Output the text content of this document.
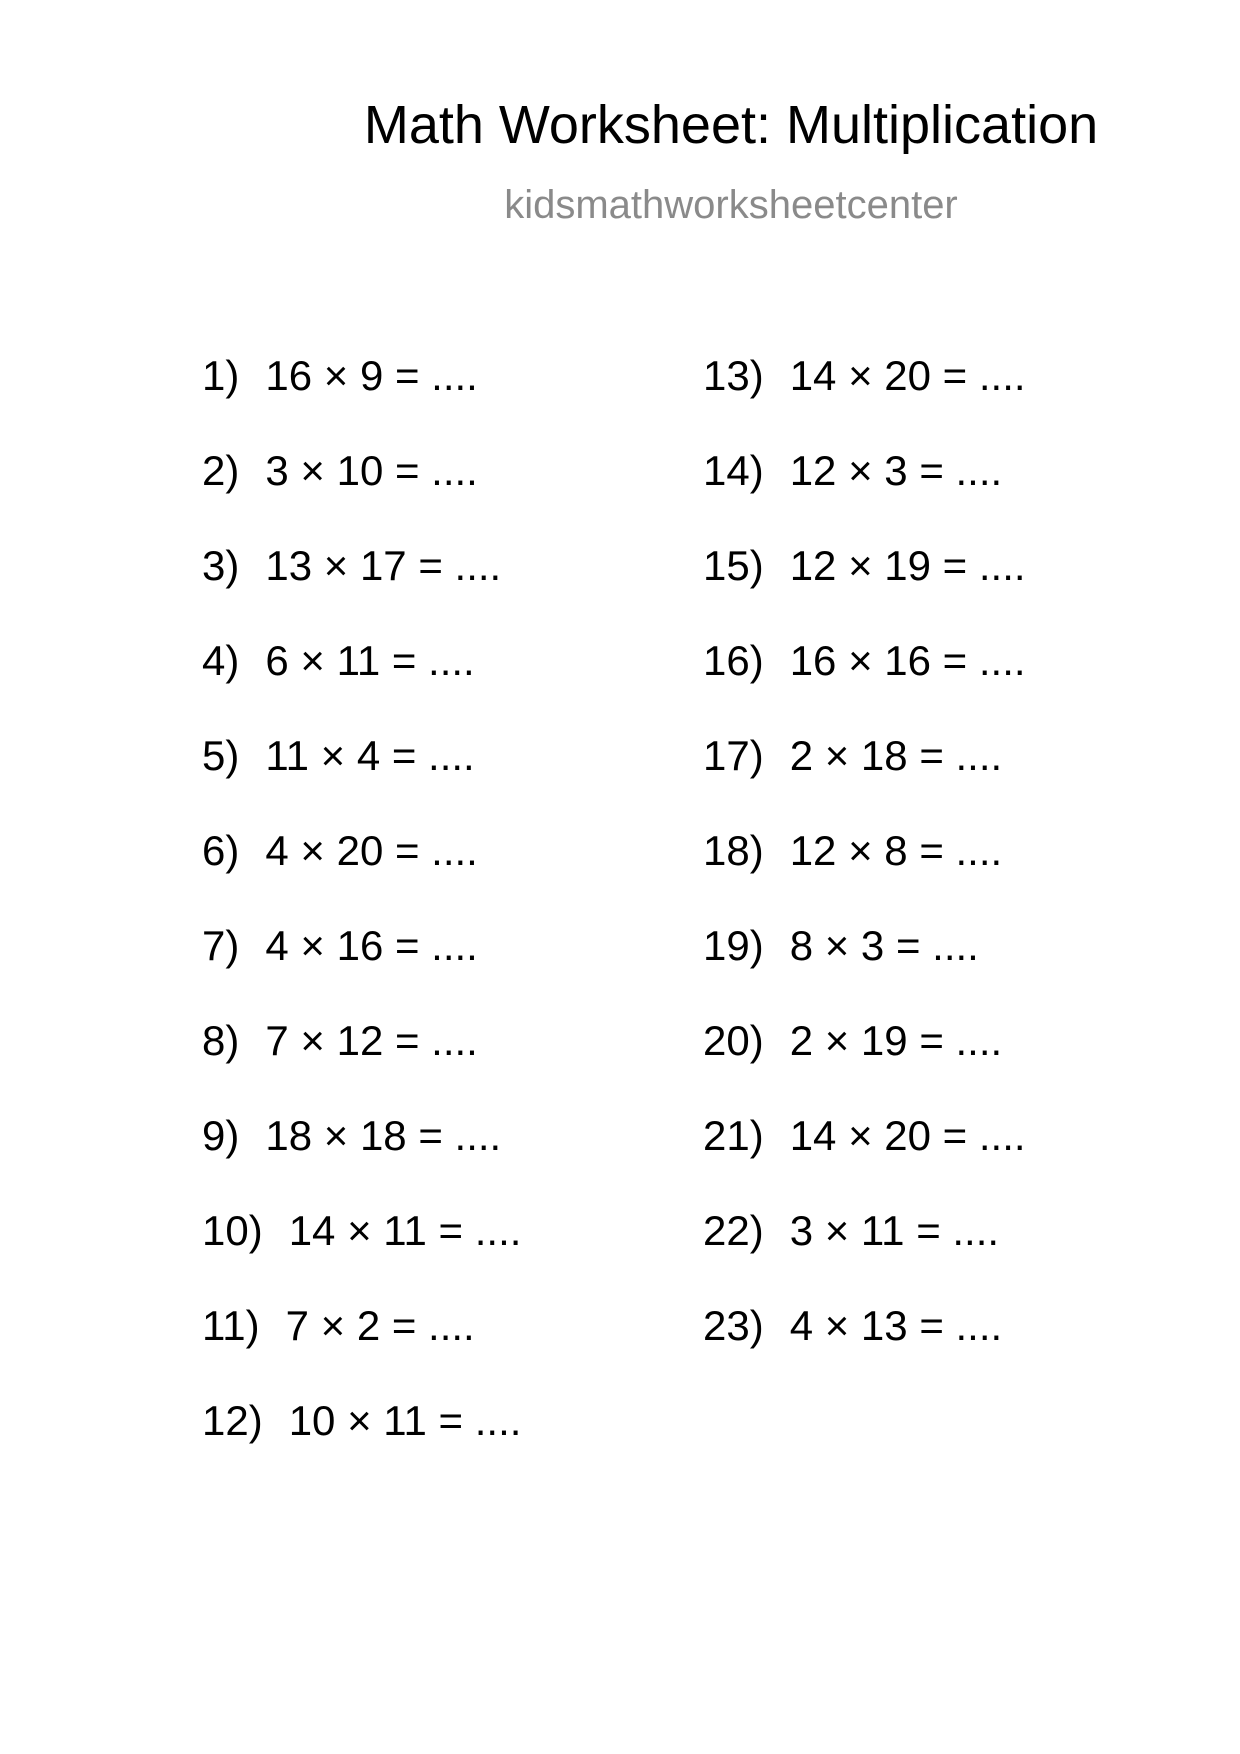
Math Worksheet: Multiplication

kidsmathworksheetcenter

1) 16 × 9 = ....
2) 3 × 10 = ....
3) 13 × 17 = ....
4) 6 × 11 = ....
5) 11 × 4 = ....
6) 4 × 20 = ....
7) 4 × 16 = ....
8) 7 × 12 = ....
9) 18 × 18 = ....
10) 14 × 11 = ....
11) 7 × 2 = ....
12) 10 × 11 = ....
13) 14 × 20 = ....
14) 12 × 3 = ....
15) 12 × 19 = ....
16) 16 × 16 = ....
17) 2 × 18 = ....
18) 12 × 8 = ....
19) 8 × 3 = ....
20) 2 × 19 = ....
21) 14 × 20 = ....
22) 3 × 11 = ....
23) 4 × 13 = ....
